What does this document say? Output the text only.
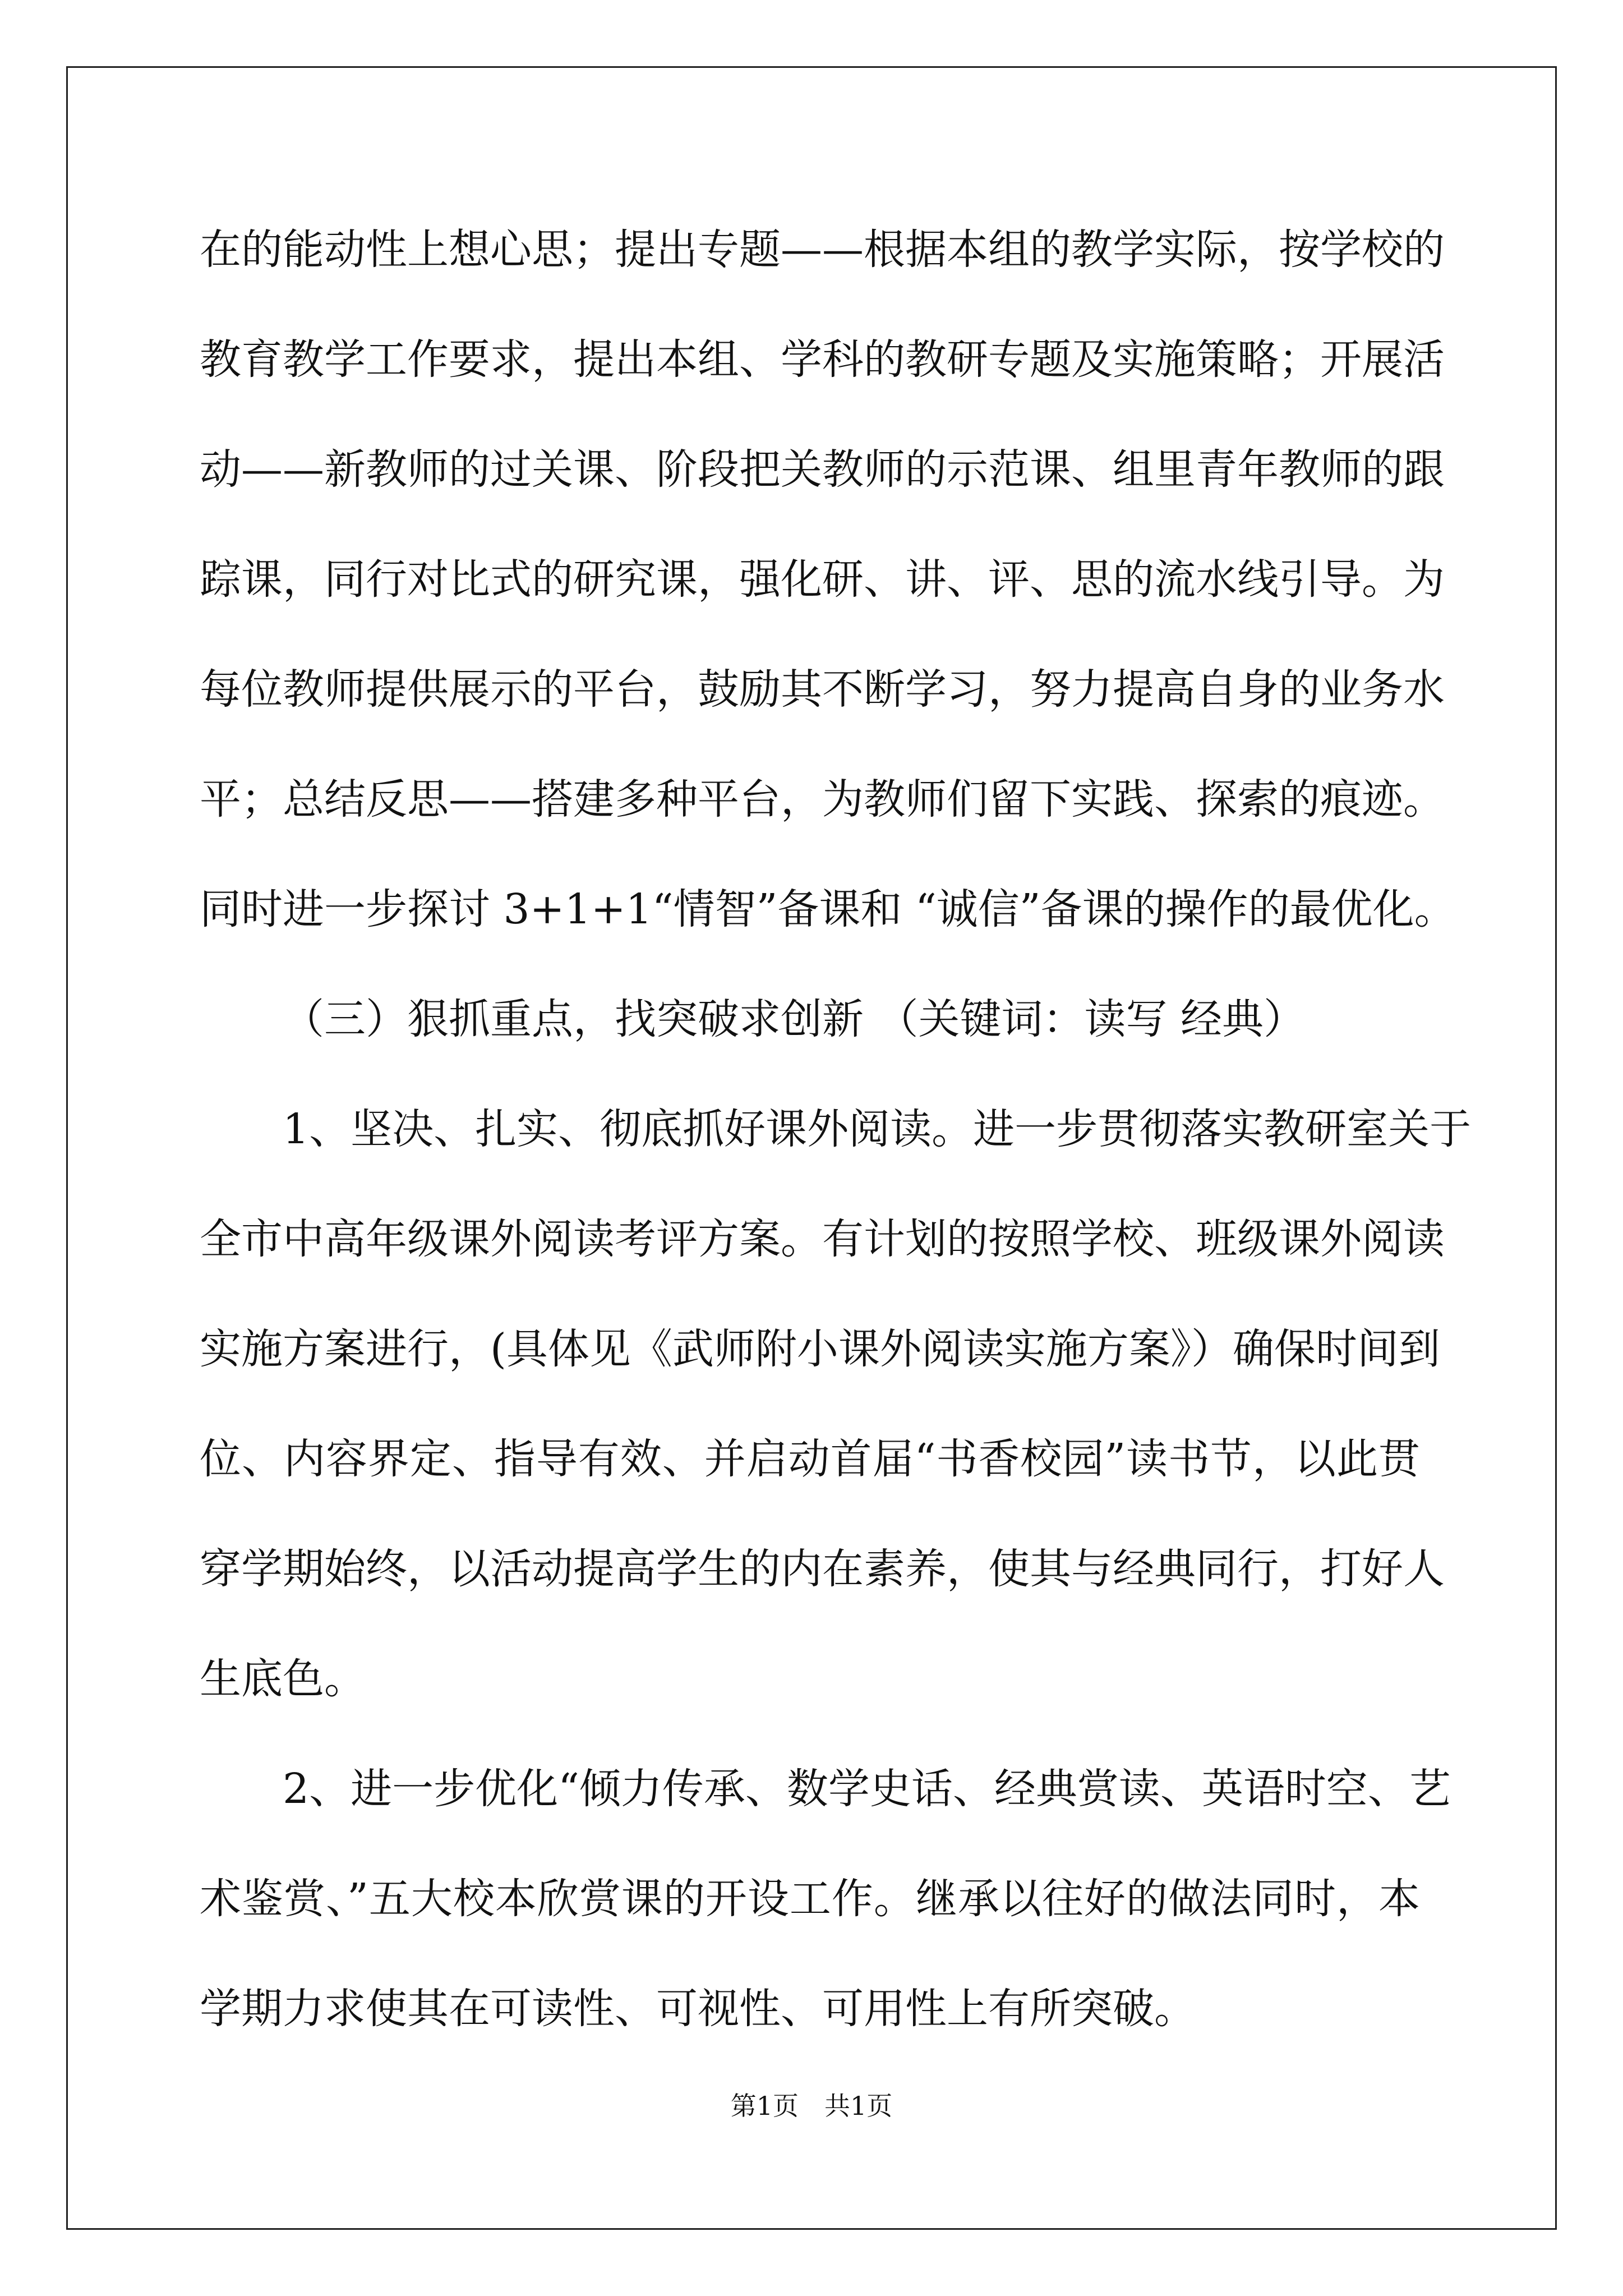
在的能动性上想心思；提出专题——根据本组的教学实际，按学校的
教育教学工作要求，提出本组、学科的教研专题及实施策略；开展活
动——新教师的过关课、阶段把关教师的示范课、组里青年教师的跟
踪课，同行对比式的研究课，强化研、讲、评、思的流水线引导。为
每位教师提供展示的平台，鼓励其不断学习，努力提高自身的业务水
平；总结反思——搭建多种平台，为教师们留下实践、探索的痕迹。
同时进一步探讨 3+1+1“情智”备课和 “诚信”备课的操作的最优化。
（三）狠抓重点，找突破求创新 （关键词：读写 经典）
1、坚决、扎实、彻底抓好课外阅读。进一步贯彻落实教研室关于
全市中高年级课外阅读考评方案。有计划的按照学校、班级课外阅读
实施方案进行，(具体见《武师附小课外阅读实施方案》）确保时间到
位、内容界定、指导有效、并启动首届“书香校园”读书节，以此贯
穿学期始终，以活动提高学生的内在素养，使其与经典同行，打好人
生底色。
2、进一步优化“倾力传承、数学史话、经典赏读、英语时空、艺
术鉴赏、”五大校本欣赏课的开设工作。继承以往好的做法同时，本
学期力求使其在可读性、可视性、可用性上有所突破。
第1页　共1页
